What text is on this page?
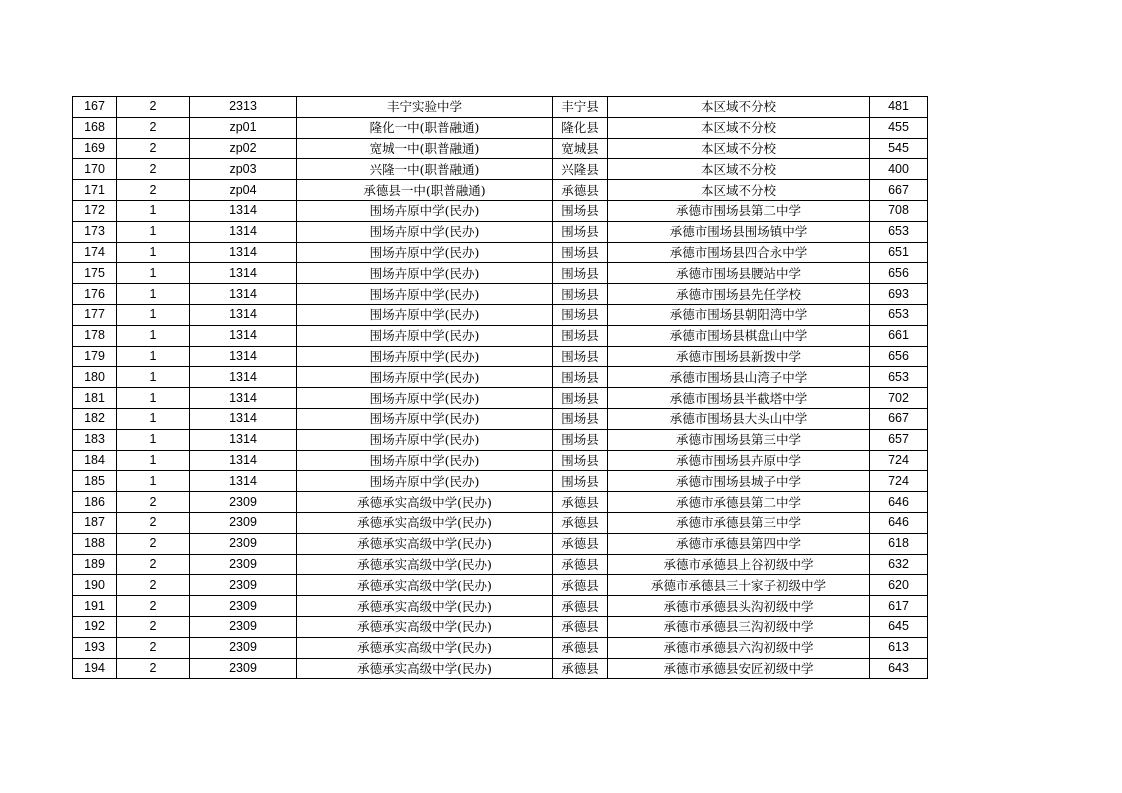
167	2	2313	丰宁实验中学	丰宁县	本区域不分校	481
168	2	zp01	隆化一中(职普融通)	隆化县	本区域不分校	455
169	2	zp02	宽城一中(职普融通)	宽城县	本区域不分校	545
170	2	zp03	兴隆一中(职普融通)	兴隆县	本区域不分校	400
171	2	zp04	承德县一中(职普融通)	承德县	本区域不分校	667
172	1	1314	围场卉原中学(民办)	围场县	承德市围场县第二中学	708
173	1	1314	围场卉原中学(民办)	围场县	承德市围场县围场镇中学	653
174	1	1314	围场卉原中学(民办)	围场县	承德市围场县四合永中学	651
175	1	1314	围场卉原中学(民办)	围场县	承德市围场县腰站中学	656
176	1	1314	围场卉原中学(民办)	围场县	承德市围场县先任学校	693
177	1	1314	围场卉原中学(民办)	围场县	承德市围场县朝阳湾中学	653
178	1	1314	围场卉原中学(民办)	围场县	承德市围场县棋盘山中学	661
179	1	1314	围场卉原中学(民办)	围场县	承德市围场县新拨中学	656
180	1	1314	围场卉原中学(民办)	围场县	承德市围场县山湾子中学	653
181	1	1314	围场卉原中学(民办)	围场县	承德市围场县半截塔中学	702
182	1	1314	围场卉原中学(民办)	围场县	承德市围场县大头山中学	667
183	1	1314	围场卉原中学(民办)	围场县	承德市围场县第三中学	657
184	1	1314	围场卉原中学(民办)	围场县	承德市围场县卉原中学	724
185	1	1314	围场卉原中学(民办)	围场县	承德市围场县城子中学	724
186	2	2309	承德承实高级中学(民办)	承德县	承德市承德县第二中学	646
187	2	2309	承德承实高级中学(民办)	承德县	承德市承德县第三中学	646
188	2	2309	承德承实高级中学(民办)	承德县	承德市承德县第四中学	618
189	2	2309	承德承实高级中学(民办)	承德县	承德市承德县上谷初级中学	632
190	2	2309	承德承实高级中学(民办)	承德县	承德市承德县三十家子初级中学	620
191	2	2309	承德承实高级中学(民办)	承德县	承德市承德县头沟初级中学	617
192	2	2309	承德承实高级中学(民办)	承德县	承德市承德县三沟初级中学	645
193	2	2309	承德承实高级中学(民办)	承德县	承德市承德县六沟初级中学	613
194	2	2309	承德承实高级中学(民办)	承德县	承德市承德县安匠初级中学	643
